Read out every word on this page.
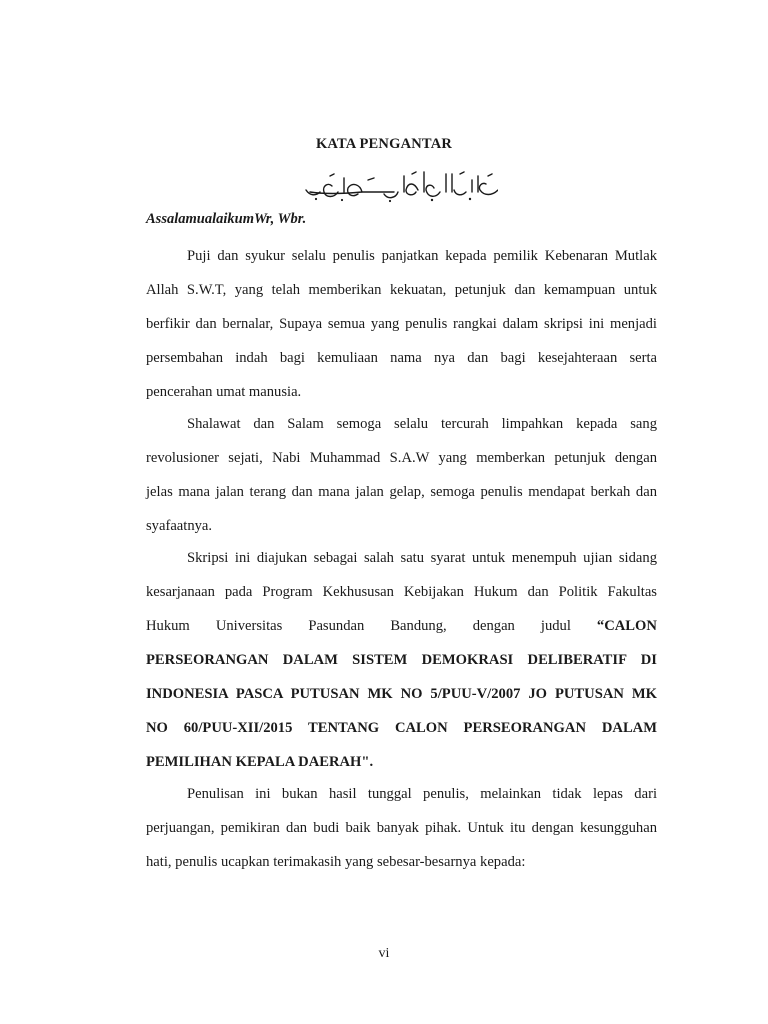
KATA PENGANTAR
AssalamualaikumWr, Wbr.
Puji dan syukur selalu penulis panjatkan kepada pemilik Kebenaran Mutlak
Allah S.W.T, yang telah memberikan kekuatan, petunjuk dan kemampuan untuk
berfikir dan bernalar, Supaya semua yang penulis rangkai dalam skripsi ini menjadi
persembahan indah bagi kemuliaan nama nya dan bagi kesejahteraan serta
pencerahan umat manusia.
Shalawat dan Salam semoga selalu tercurah limpahkan kepada sang
revolusioner sejati, Nabi Muhammad S.A.W yang memberkan petunjuk dengan
jelas mana jalan terang dan mana jalan gelap, semoga penulis mendapat berkah dan
syafaatnya.
Skripsi ini diajukan sebagai salah satu syarat untuk menempuh ujian sidang
kesarjanaan pada Program Kekhususan Kebijakan Hukum dan Politik Fakultas
Hukum Universitas Pasundan Bandung, dengan judul “CALON
PERSEORANGAN DALAM SISTEM DEMOKRASI DELIBERATIF DI
INDONESIA PASCA PUTUSAN MK NO 5/PUU-V/2007 JO PUTUSAN MK
NO 60/PUU-XII/2015 TENTANG CALON PERSEORANGAN DALAM
PEMILIHAN KEPALA DAERAH".
Penulisan ini bukan hasil tunggal penulis, melainkan tidak lepas dari
perjuangan, pemikiran dan budi baik banyak pihak. Untuk itu dengan kesungguhan
hati, penulis ucapkan terimakasih yang sebesar-besarnya kepada:
vi
